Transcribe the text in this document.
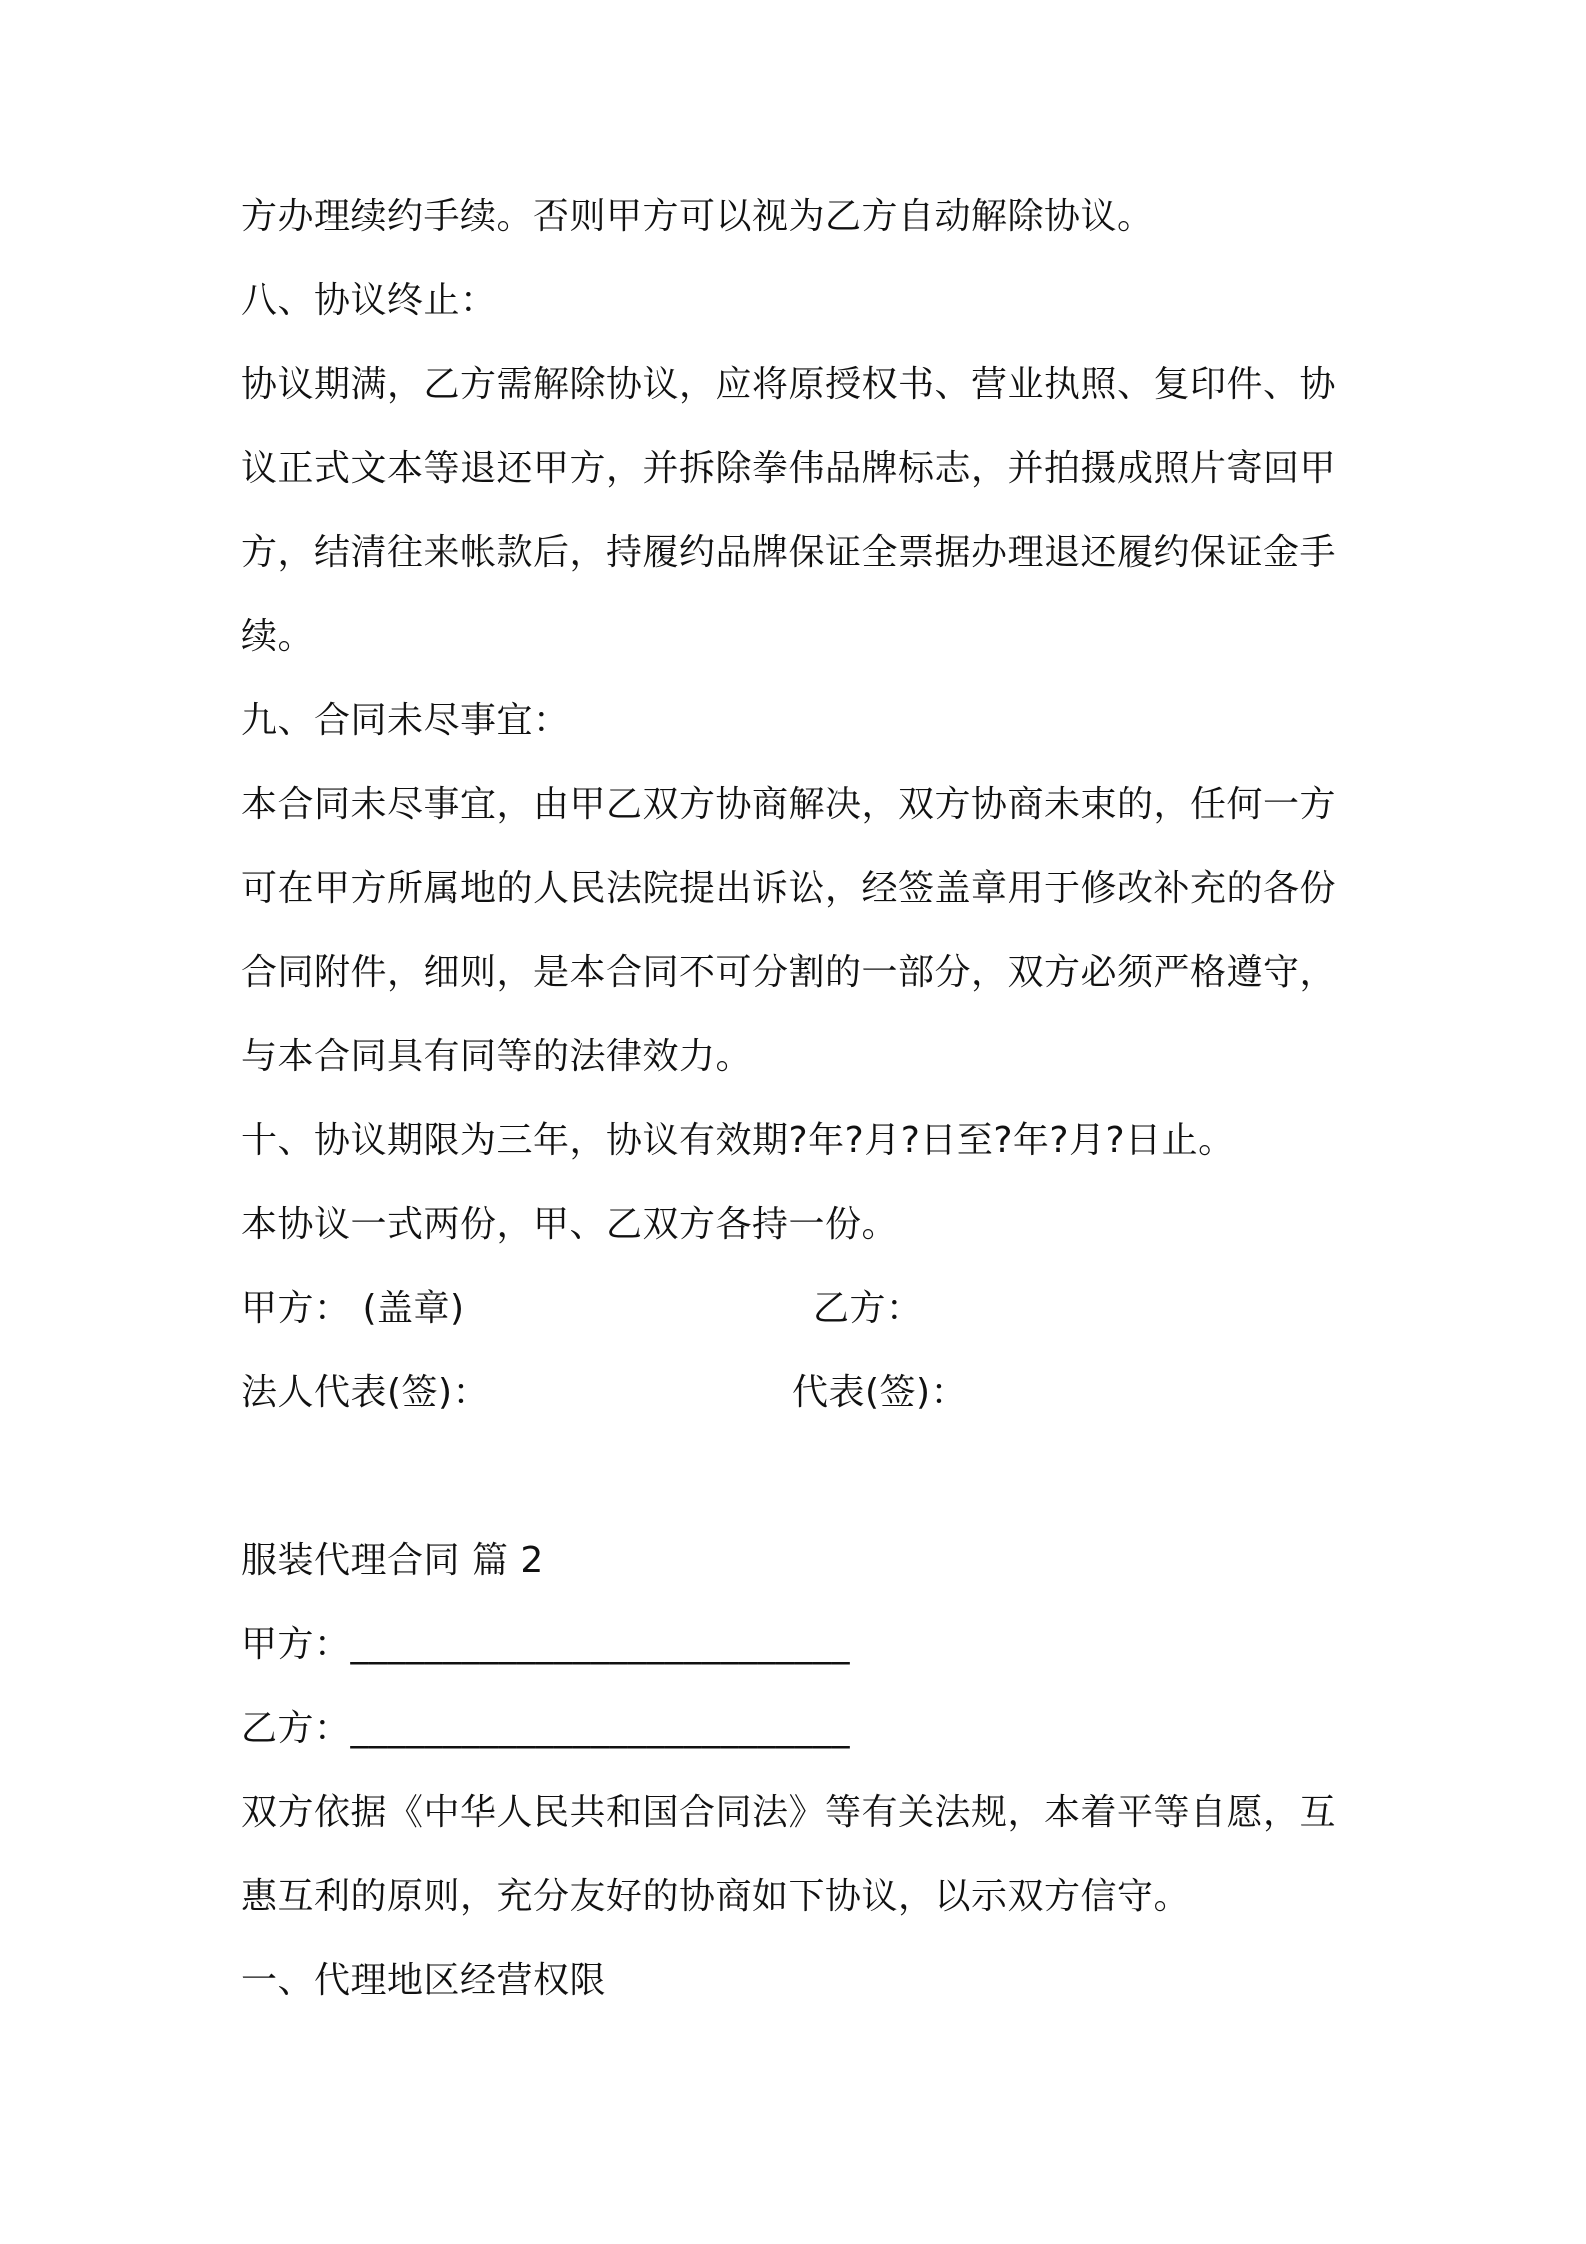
方办理续约手续。否则甲方可以视为乙方自动解除协议。

八、协议终止：

协议期满，乙方需解除协议，应将原授权书、营业执照、复印件、协

议正式文本等退还甲方，并拆除拳伟品牌标志，并拍摄成照片寄回甲

方，结清往来帐款后，持履约品牌保证全票据办理退还履约保证金手

续。

九、合同未尽事宜：

本合同未尽事宜，由甲乙双方协商解决，双方协商未束的，任何一方

可在甲方所属地的人民法院提出诉讼，经签盖章用于修改补充的各份

合同附件，细则，是本合同不可分割的一部分，双方必须严格遵守，

与本合同具有同等的法律效力。

十、协议期限为三年，协议有效期?年?月?日至?年?月?日止。

本协议一式两份，甲、乙双方各持一份。

甲方： (盖章)	乙方：
法人代表(签)：	代表(签)：

服装代理合同 篇 2

甲方：___________________________

乙方：___________________________

双方依据《中华人民共和国合同法》等有关法规，本着平等自愿，互

惠互利的原则，充分友好的协商如下协议，以示双方信守。

一、代理地区经营权限
